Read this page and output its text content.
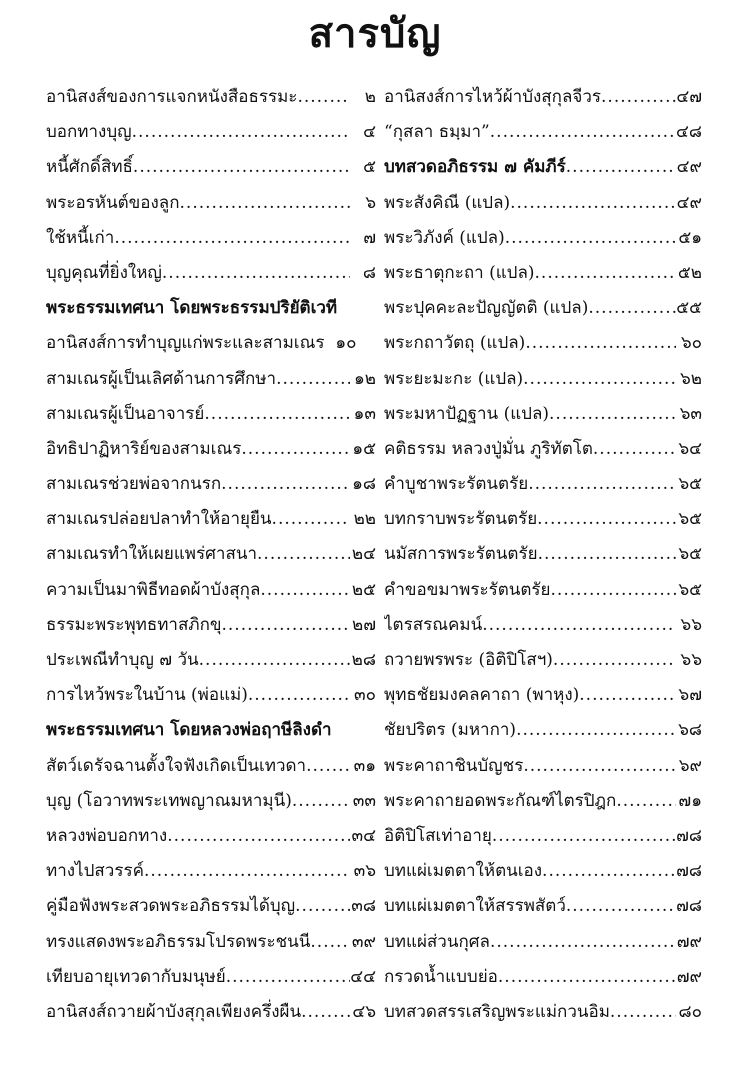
สารบัญ
อานิสงส์ของการแจกหนังสือธรรมะ .....	๒
บอกทางบุญ .....	๔
หนี้ศักดิ์สิทธิ์ .....	๕
พระอรหันต์ของลูก .....	๖
ใช้หนี้เก่า .....	๗
บุญคุณที่ยิ่งใหญ่ .....	๘
พระธรรมเทศนา โดยพระธรรมปริยัติเวที
อานิสงส์การทำบุญแก่พระและสามเณร ๑๐
สามเณรผู้เป็นเลิศด้านการศึกษา .....	๑๒
สามเณรผู้เป็นอาจารย์ .....	๑๓
อิทธิปาฏิหาริย์ของสามเณร .....	๑๕
สามเณรช่วยพ่อจากนรก .....	๑๘
สามเณรปล่อยปลาทำให้อายุยืน .....	๒๒
สามเณรทำให้เผยแพร่ศาสนา .....	๒๔
ความเป็นมาพิธีทอดผ้าบังสุกุล .....	๒๕
ธรรมะพระพุทธทาสภิกขุ .....	๒๗
ประเพณีทำบุญ ๗ วัน .....	๒๘
การไหว้พระในบ้าน (พ่อแม่) .....	๓๐
พระธรรมเทศนา โดยหลวงพ่อฤาษีลิงดำ
สัตว์เดรัจฉานตั้งใจฟังเกิดเป็นเทวดา .....	๓๑
บุญ (โอวาทพระเทพญาณมหามุนี) .....	๓๓
หลวงพ่อบอกทาง .....	๓๔
ทางไปสวรรค์ .....	๓๖
คู่มือฟังพระสวดพระอภิธรรมได้บุญ .....	๓๘
ทรงแสดงพระอภิธรรมโปรดพระชนนี ..... ๓๙
เทียบอายุเทวดากับมนุษย์ .....	๔๔
อานิสงส์ถวายผ้าบังสุกุลเพียงครึ่งผืน .....	๔๖
อานิสงส์การไหว้ผ้าบังสุกุลจีวร .....	๔๗
“กุสลา ธมฺมา” .....	๔๘
บทสวดอภิธรรม ๗ คัมภีร์ .....	๔๙
พระสังคิณี (แปล) .....	๔๙
พระวิภังค์ (แปล) .....	๕๑
พระธาตุกะถา (แปล) .....	๕๒
พระปุคคะละปัญญัตติ (แปล) .....	๕๕
พระกถาวัตถุ (แปล) .....	๖๐
พระยะมะกะ (แปล) .....	๖๒
พระมหาปัฏฐาน (แปล) .....	๖๓
คติธรรม หลวงปู่มั่น ภูริทัตโต .....	๖๔
คำบูชาพระรัตนตรัย .....	๖๕
บทกราบพระรัตนตรัย .....	๖๕
นมัสการพระรัตนตรัย .....	๖๕
คำขอขมาพระรัตนตรัย .....	๖๕
ไตรสรณคมน์ .....	๖๖
ถวายพรพระ (อิติปิโสฯ) .....	๖๖
พุทธชัยมงคลคาถา (พาหุง) .....	๖๗
ชัยปริตร (มหากา) .....	๖๘
พระคาถาชินบัญชร .....	๖๙
พระคาถายอดพระกัณฑ์ไตรปิฎก .....	๗๑
อิติปิโสเท่าอายุ .....	๗๘
บทแผ่เมตตาให้ตนเอง .....	๗๘
บทแผ่เมตตาให้สรรพสัตว์ .....	๗๘
บทแผ่ส่วนกุศล .....	๗๙
กรวดน้ำแบบย่อ .....	๗๙
บทสวดสรรเสริญพระแม่กวนอิม .....	๘๐
